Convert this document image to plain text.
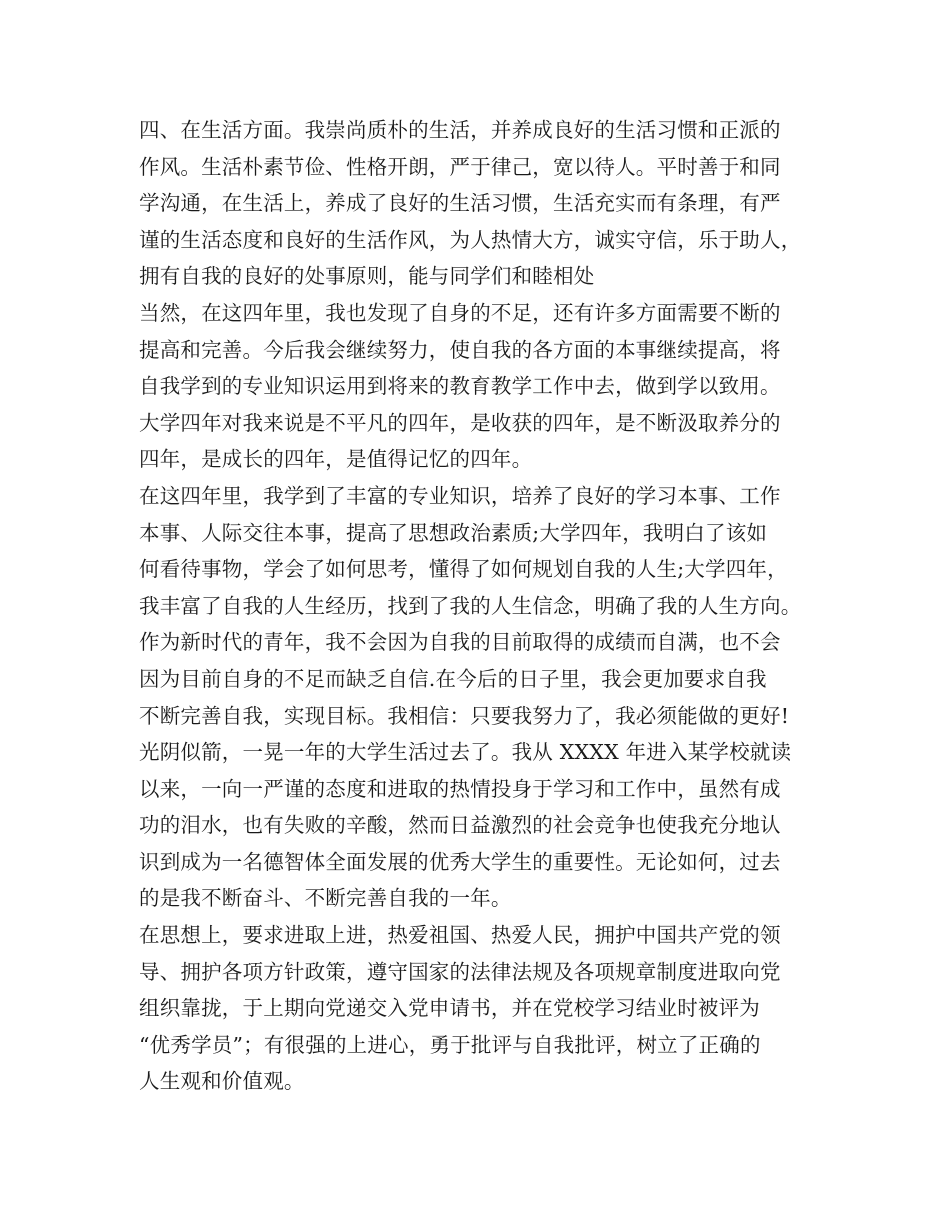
四、在生活方面。我崇尚质朴的生活，并养成良好的生活习惯和正派的
作风。生活朴素节俭、性格开朗，严于律己，宽以待人。平时善于和同
学沟通，在生活上，养成了良好的生活习惯，生活充实而有条理，有严
谨的生活态度和良好的生活作风，为人热情大方，诚实守信，乐于助人，
拥有自我的良好的处事原则，能与同学们和睦相处
当然，在这四年里，我也发现了自身的不足，还有许多方面需要不断的
提高和完善。今后我会继续努力，使自我的各方面的本事继续提高，将
自我学到的专业知识运用到将来的教育教学工作中去，做到学以致用。
大学四年对我来说是不平凡的四年，是收获的四年，是不断汲取养分的
四年，是成长的四年，是值得记忆的四年。
在这四年里，我学到了丰富的专业知识，培养了良好的学习本事、工作
本事、人际交往本事，提高了思想政治素质;大学四年，我明白了该如
何看待事物，学会了如何思考，懂得了如何规划自我的人生;大学四年，
我丰富了自我的人生经历，找到了我的人生信念，明确了我的人生方向。
作为新时代的青年，我不会因为自我的目前取得的成绩而自满，也不会
因为目前自身的不足而缺乏自信.在今后的日子里，我会更加要求自我
不断完善自我，实现目标。我相信：只要我努力了，我必须能做的更好!
光阴似箭，一晃一年的大学生活过去了。我从 XXXX 年进入某学校就读
以来，一向一严谨的态度和进取的热情投身于学习和工作中，虽然有成
功的泪水，也有失败的辛酸，然而日益激烈的社会竞争也使我充分地认
识到成为一名德智体全面发展的优秀大学生的重要性。无论如何，过去
的是我不断奋斗、不断完善自我的一年。
在思想上，要求进取上进，热爱祖国、热爱人民，拥护中国共产党的领
导、拥护各项方针政策，遵守国家的法律法规及各项规章制度进取向党
组织靠拢，于上期向党递交入党申请书，并在党校学习结业时被评为
“优秀学员”；有很强的上进心，勇于批评与自我批评，树立了正确的
人生观和价值观。
